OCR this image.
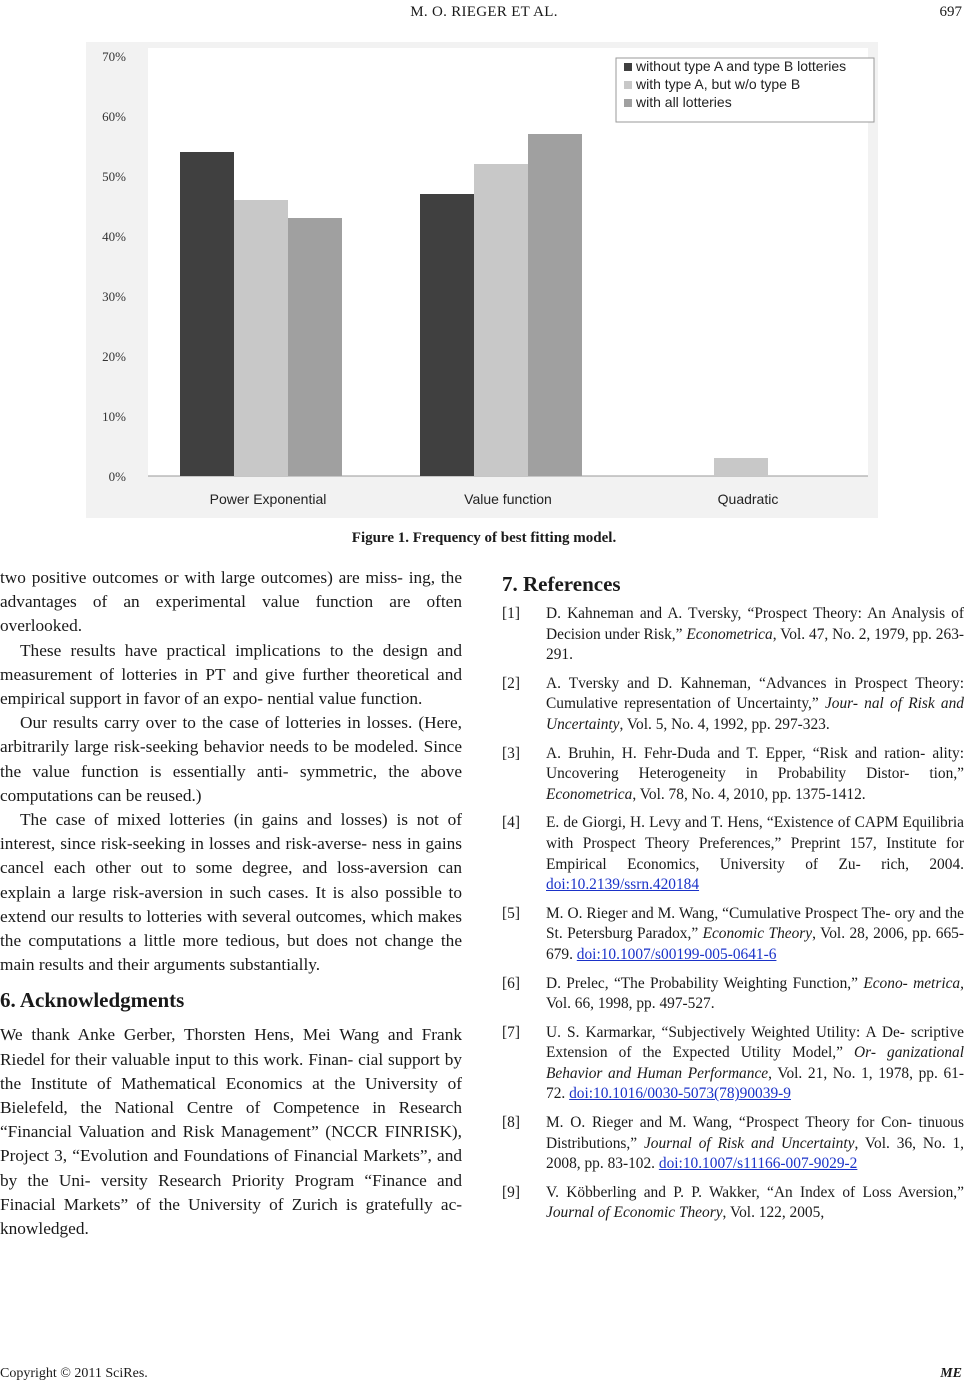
M. O. RIEGER ET AL.	697
0%
10%
20%
30%
40%
50%
60%
70%
Power Exponential	Value function	Quadratic
without type A and type B lotteries
with type A, but w/o type B
with all lotteries
Figure 1. Frequency of best fitting model.

two positive outcomes or with large outcomes) are miss- ing, the advantages of an experimental value function are often overlooked.

These results have practical implications to the design and measurement of lotteries in PT and give further theoretical and empirical support in favor of an expo- nential value function.

Our results carry over to the case of lotteries in losses. (Here, arbitrarily large risk-seeking behavior needs to be modeled. Since the value function is essentially anti- symmetric, the above computations can be reused.)

The case of mixed lotteries (in gains and losses) is not of interest, since risk-seeking in losses and risk-averse- ness in gains cancel each other out to some degree, and loss-aversion can explain a large risk-aversion in such cases. It is also possible to extend our results to lotteries with several outcomes, which makes the computations a little more tedious, but does not change the main results and their arguments substantially.

6. Acknowledgments

We thank Anke Gerber, Thorsten Hens, Mei Wang and Frank Riedel for their valuable input to this work. Finan- cial support by the Institute of Mathematical Economics at the University of Bielefeld, the National Centre of Competence in Research “Financial Valuation and Risk Management” (NCCR FINRISK), Project 3, “Evolution and Foundations of Financial Markets”, and by the Uni- versity Research Priority Program “Finance and Finacial Markets” of the University of Zurich is gratefully ac- knowledged.

7. References
[1] D. Kahneman and A. Tversky, “Prospect Theory: An Analysis of Decision under Risk,” Econometrica, Vol. 47, No. 2, 1979, pp. 263-291.
[2] A. Tversky and D. Kahneman, “Advances in Prospect Theory: Cumulative representation of Uncertainty,” Jour- nal of Risk and Uncertainty, Vol. 5, No. 4, 1992, pp. 297-323.
[3] A. Bruhin, H. Fehr-Duda and T. Epper, “Risk and ration- ality: Uncovering Heterogeneity in Probability Distor- tion,” Econometrica, Vol. 78, No. 4, 2010, pp. 1375-1412.
[4] E. de Giorgi, H. Levy and T. Hens, “Existence of CAPM Equilibria with Prospect Theory Preferences,” Preprint 157, Institute for Empirical Economics, University of Zu- rich, 2004. doi:10.2139/ssrn.420184
[5] M. O. Rieger and M. Wang, “Cumulative Prospect The- ory and the St. Petersburg Paradox,” Economic Theory, Vol. 28, 2006, pp. 665-679. doi:10.1007/s00199-005-0641-6
[6] D. Prelec, “The Probability Weighting Function,” Econo- metrica, Vol. 66, 1998, pp. 497-527.
[7] U. S. Karmarkar, “Subjectively Weighted Utility: A De- scriptive Extension of the Expected Utility Model,” Or- ganizational Behavior and Human Performance, Vol. 21, No. 1, 1978, pp. 61-72. doi:10.1016/0030-5073(78)90039-9
[8] M. O. Rieger and M. Wang, “Prospect Theory for Con- tinuous Distributions,” Journal of Risk and Uncertainty, Vol. 36, No. 1, 2008, pp. 83-102. doi:10.1007/s11166-007-9029-2
[9] V. Köbberling and P. P. Wakker, “An Index of Loss Aversion,” Journal of Economic Theory, Vol. 122, 2005,
Copyright © 2011 SciRes.	ME
